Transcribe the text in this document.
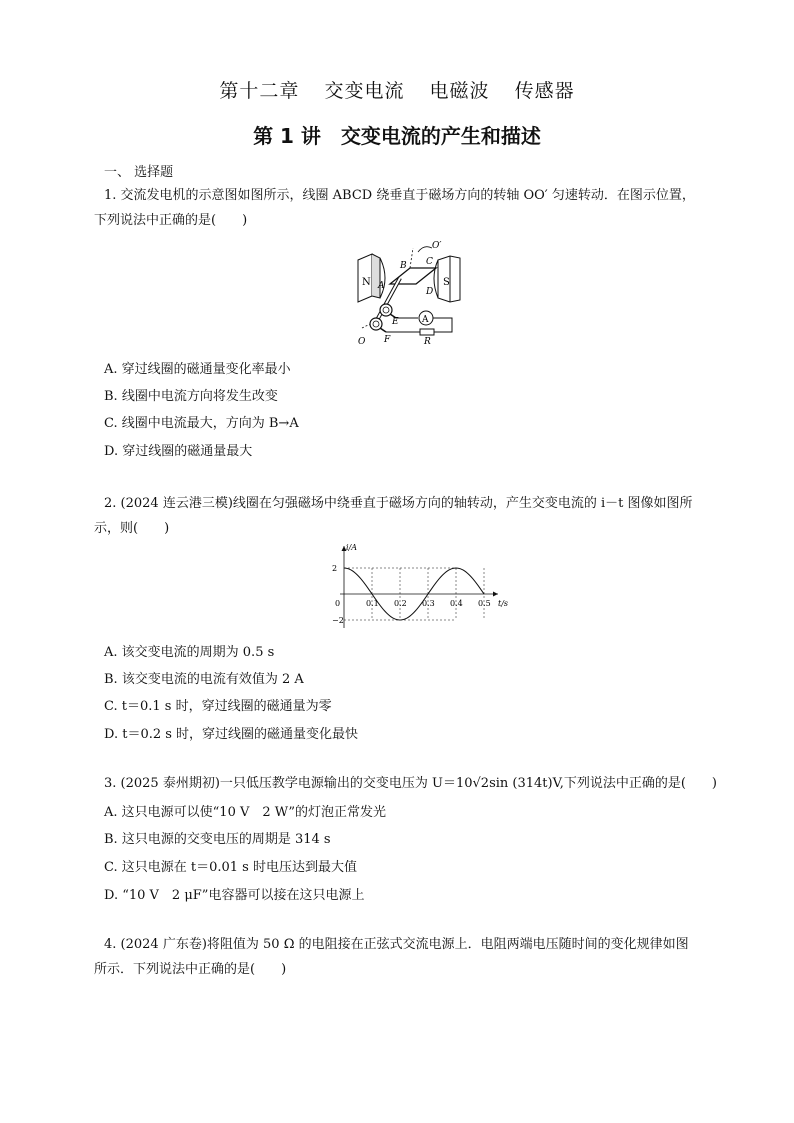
第十二章 交变电流 电磁波 传感器
第 1 讲　交变电流的产生和描述
一、 选择题

1. 交流发电机的示意图如图所示，线圈 ABCD 绕垂直于磁场方向的转轴 OO′ 匀速转动．在图示位置，

下列说法中正确的是(　　)

N	S
O′
B C
A
D
E
F
O
A
R
A. 穿过线圈的磁通量变化率最小
B. 线圈中电流方向将发生改变
C. 线圈中电流最大，方向为 B→A
D. 穿过线圈的磁通量最大

2. (2024 连云港三模)线圈在匀强磁场中绕垂直于磁场方向的轴转动，产生交变电流的 i－t 图像如图所

示，则(　　)

i/A
t/s
0
2
−2
0.1 0.2 0.3 0.4 0.5
A. 该交变电流的周期为 0.5 s
B. 该交变电流的电流有效值为 2 A
C. t＝0.1 s 时，穿过线圈的磁通量为零
D. t＝0.2 s 时，穿过线圈的磁通量变化最快

3. (2025 泰州期初)一只低压教学电源输出的交变电压为 U＝10√2sin (314t)V,下列说法中正确的是(　　)

A. 这只电源可以使“10 V　2 W”的灯泡正常发光
B. 这只电源的交变电压的周期是 314 s
C. 这只电源在 t＝0.01 s 时电压达到最大值
D. “10 V　2 μF”电容器可以接在这只电源上

4. (2024 广东卷)将阻值为 50 Ω 的电阻接在正弦式交流电源上．电阻两端电压随时间的变化规律如图

所示．下列说法中正确的是(　　)
